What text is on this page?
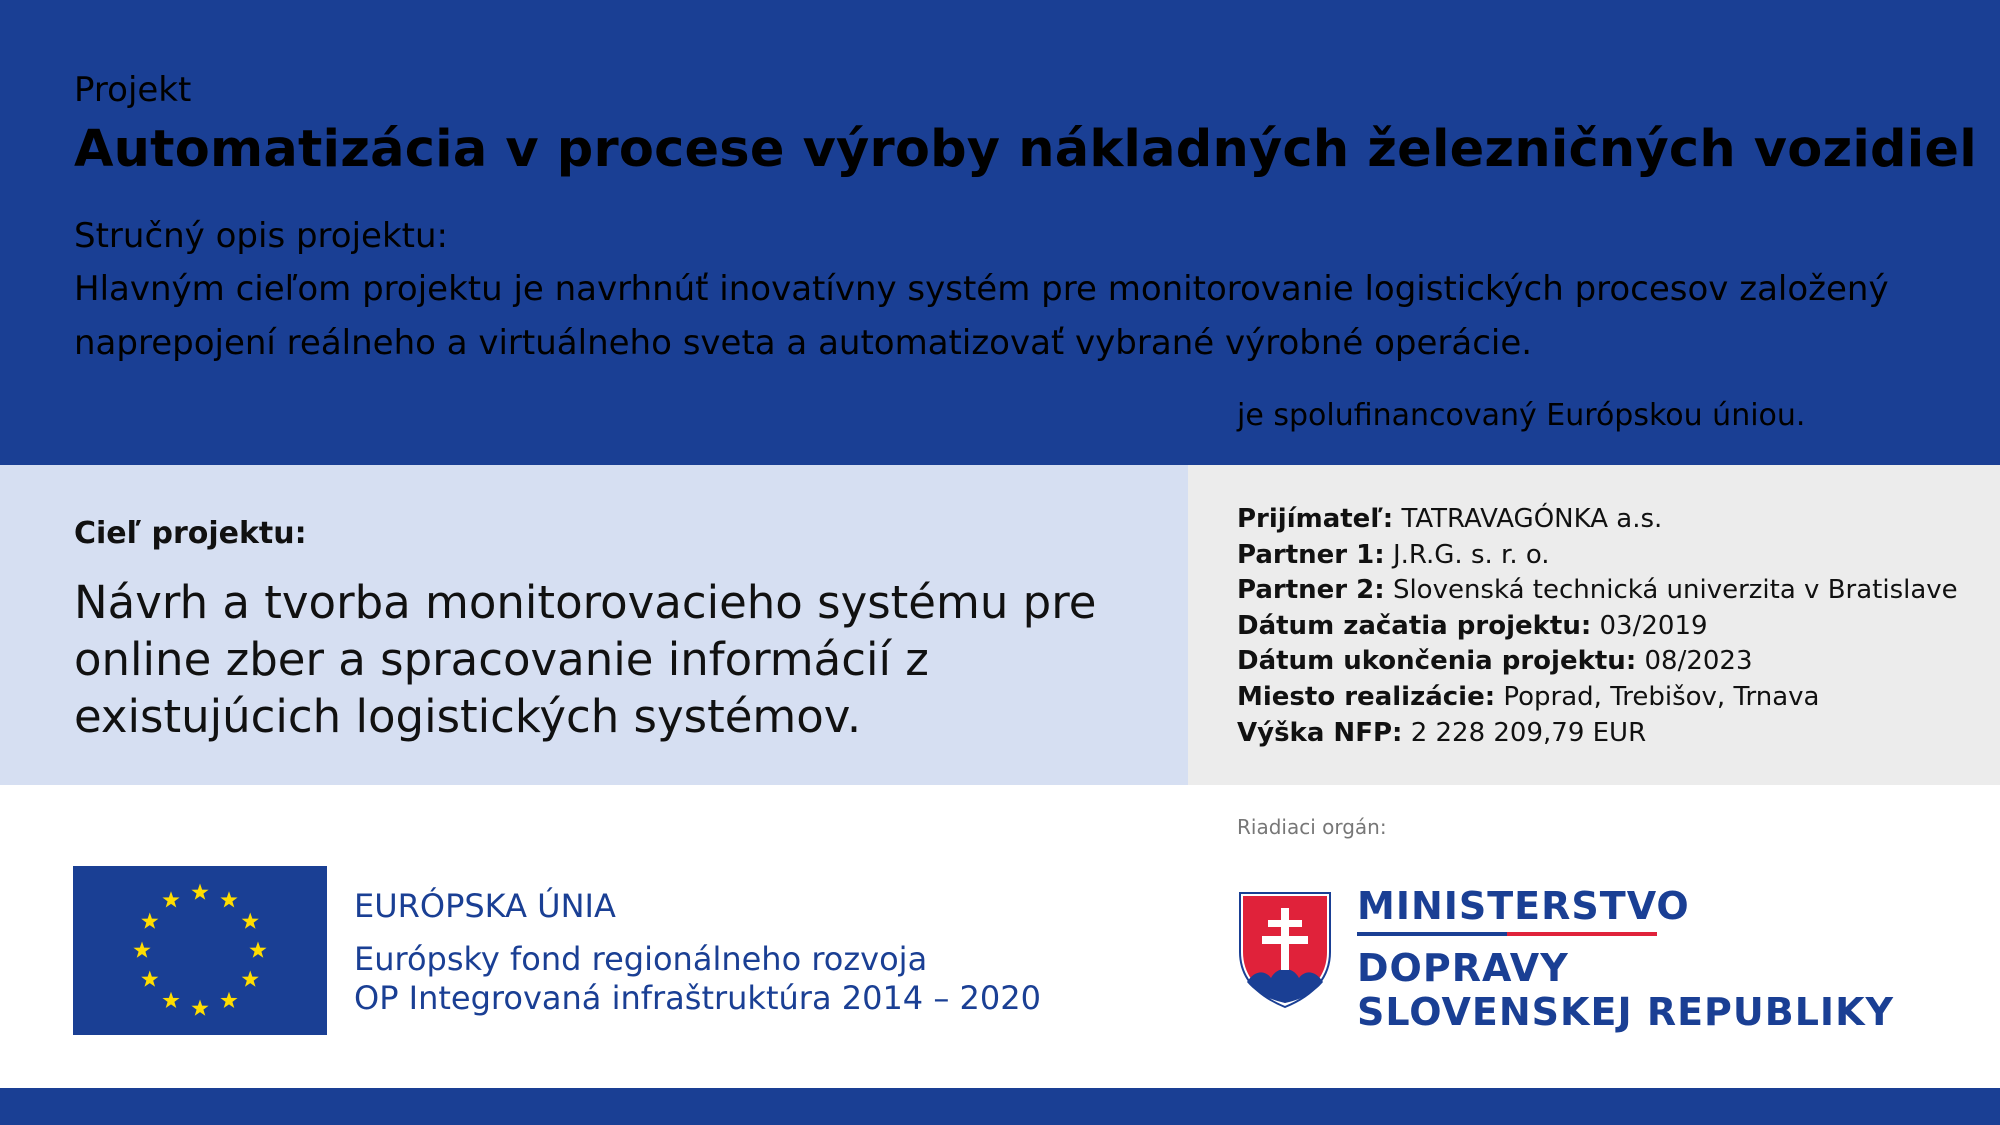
Projekt
Automatizácia v procese výroby nákladných železničných vozidiel
Stručný opis projektu:
Hlavným cieľom projektu je navrhnúť inovatívny systém pre monitorovanie logistických procesov založený naprepojení reálneho a virtuálneho sveta a automatizovať vybrané výrobné operácie.
je spolufinancovaný Európskou úniou.
Cieľ projektu:
Návrh a tvorba monitorovacieho systému pre online zber a spracovanie informácií z existujúcich logistických systémov.
Prijímateľ: TATRAVAGÓNKA a.s.
Partner 1: J.R.G. s. r. o.
Partner 2: Slovenská technická univerzita v Bratislave
Dátum začatia projektu: 03/2019
Dátum ukončenia projektu: 08/2023
Miesto realizácie: Poprad, Trebišov, Trnava
Výška NFP: 2 228 209,79 EUR
Riadiaci orgán:
EURÓPSKA ÚNIA
Európsky fond regionálneho rozvoja
OP Integrovaná infraštruktúra 2014 – 2020
MINISTERSTVO
DOPRAVY
SLOVENSKEJ REPUBLIKY
